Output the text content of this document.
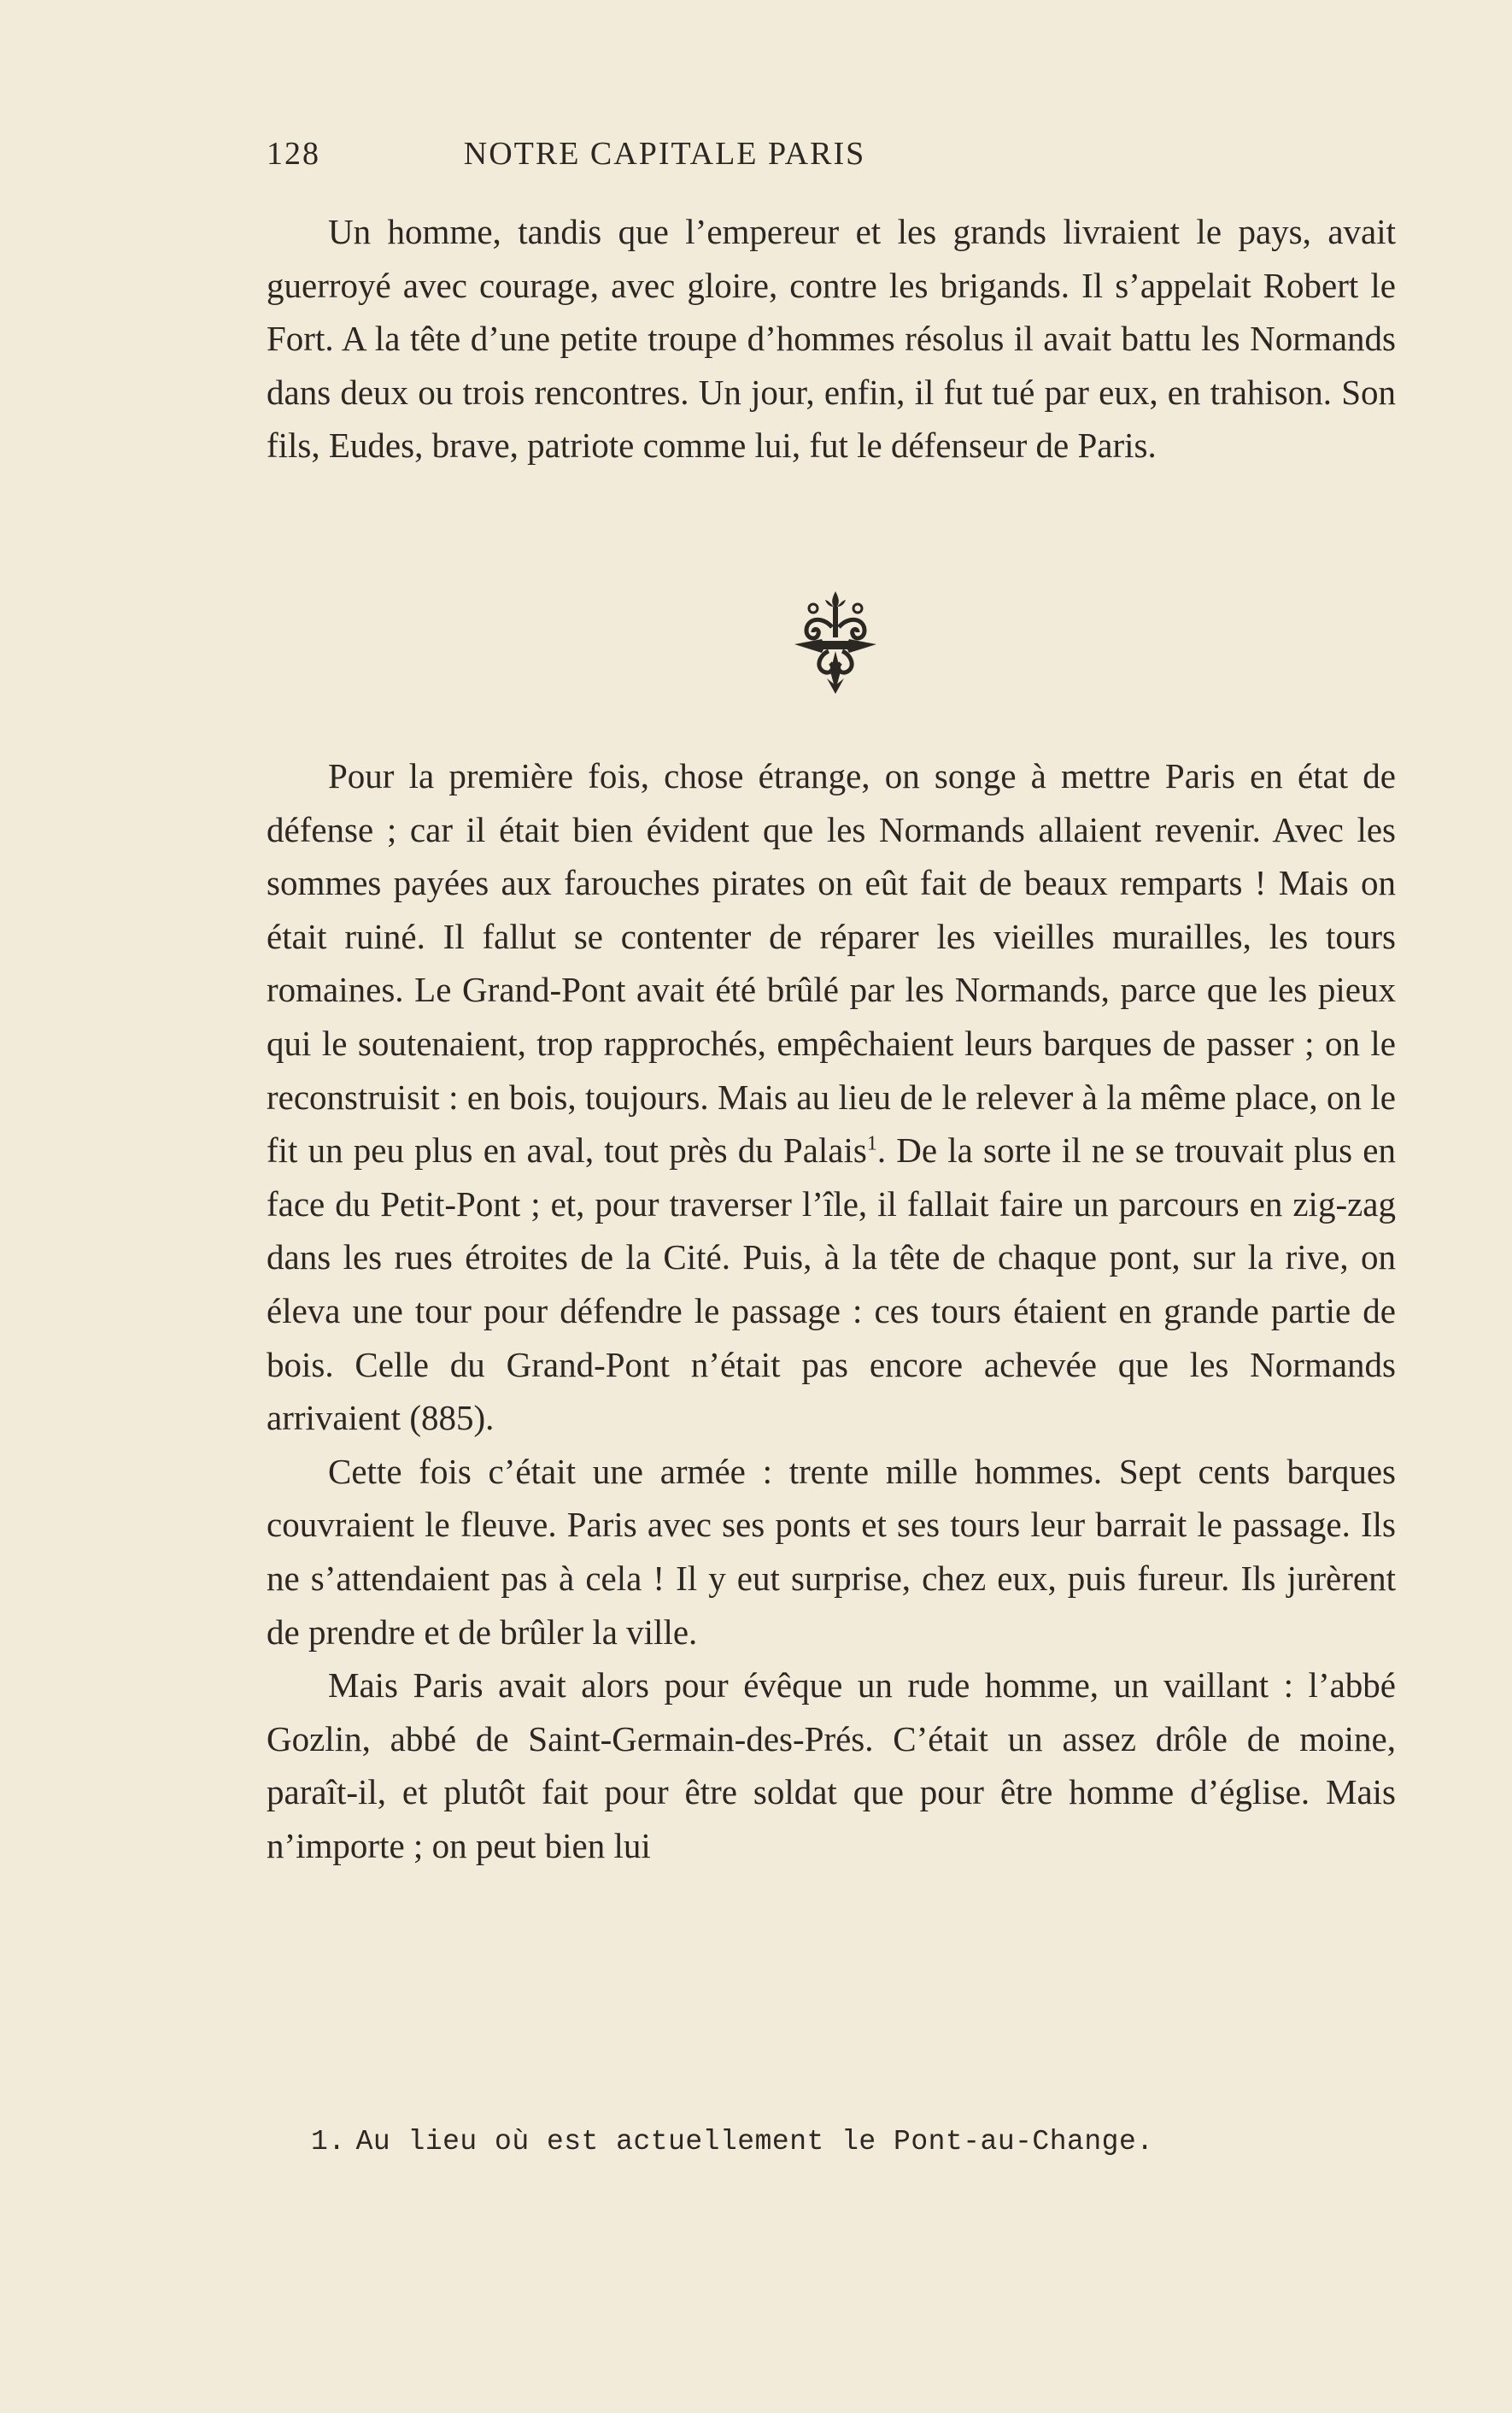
128	NOTRE CAPITALE PARIS

Un homme, tandis que l’empereur et les grands livraient le pays, avait guerroyé avec courage, avec gloire, contre les brigands. Il s’appelait Robert le Fort. A la tête d’une petite troupe d’hommes résolus il avait battu les Normands dans deux ou trois rencontres. Un jour, enfin, il fut tué par eux, en trahison. Son fils, Eudes, brave, patriote comme lui, fut le défenseur de Paris.

Pour la première fois, chose étrange, on songe à mettre Paris en état de défense ; car il était bien évident que les Normands allaient revenir. Avec les sommes payées aux farouches pirates on eût fait de beaux remparts ! Mais on était ruiné. Il fallut se contenter de réparer les vieilles murailles, les tours romaines. Le Grand-Pont avait été brûlé par les Normands, parce que les pieux qui le soutenaient, trop rapprochés, empêchaient leurs barques de passer ; on le reconstruisit : en bois, toujours. Mais au lieu de le relever à la même place, on le fit un peu plus en aval, tout près du Palais$^1$. De la sorte il ne se trouvait plus en face du Petit-Pont ; et, pour traverser l’île, il fallait faire un parcours en zig-zag dans les rues étroites de la Cité. Puis, à la tête de chaque pont, sur la rive, on éleva une tour pour défendre le passage : ces tours étaient en grande partie de bois. Celle du Grand-Pont n’était pas encore achevée que les Normands arrivaient (885).

Cette fois c’était une armée : trente mille hommes. Sept cents barques couvraient le fleuve. Paris avec ses ponts et ses tours leur barrait le passage. Ils ne s’attendaient pas à cela ! Il y eut surprise, chez eux, puis fureur. Ils jurèrent de prendre et de brûler la ville.

Mais Paris avait alors pour évêque un rude homme, un vaillant : l’abbé Gozlin, abbé de Saint-Germain-des-Prés. C’était un assez drôle de moine, paraît-il, et plutôt fait pour être soldat que pour être homme d’église. Mais n’importe ; on peut bien lui

1. Au lieu où est actuellement le Pont-au-Change.
